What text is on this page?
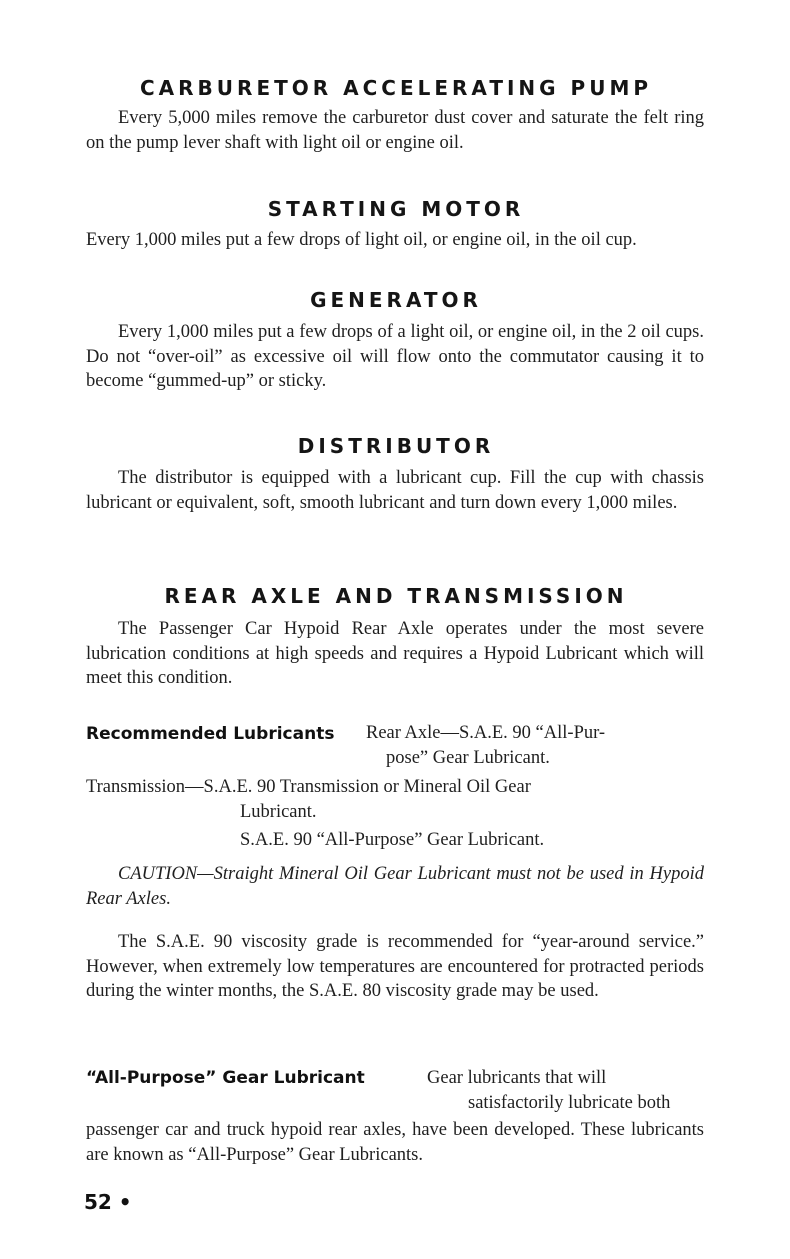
CARBURETOR ACCELERATING PUMP
Every 5,000 miles remove the carburetor dust cover and saturate the felt ring on the pump lever shaft with light oil or engine oil.
STARTING MOTOR
Every 1,000 miles put a few drops of light oil, or engine oil, in the oil cup.
GENERATOR
Every 1,000 miles put a few drops of a light oil, or engine oil, in the 2 oil cups. Do not “over-oil” as excessive oil will flow onto the commutator causing it to become “gummed-up” or sticky.
DISTRIBUTOR
The distributor is equipped with a lubricant cup. Fill the cup with chassis lubricant or equivalent, soft, smooth lubricant and turn down every 1,000 miles.
REAR AXLE AND TRANSMISSION
The Passenger Car Hypoid Rear Axle operates under the most severe lubrication conditions at high speeds and requires a Hypoid Lubricant which will meet this condition.
Recommended Lubricants Rear Axle—S.A.E. 90 “All-Pur-
pose” Gear Lubricant.
Transmission—S.A.E. 90 Transmission or Mineral Oil Gear
Lubricant.
S.A.E. 90 “All-Purpose” Gear Lubricant.
CAUTION—Straight Mineral Oil Gear Lubricant must not be used in Hypoid Rear Axles.
The S.A.E. 90 viscosity grade is recommended for “year-around service.” However, when extremely low temperatures are encountered for protracted periods during the winter months, the S.A.E. 80 viscosity grade may be used.
“All-Purpose” Gear Lubricant	Gear lubricants that will
satisfactorily lubricate both
passenger car and truck hypoid rear axles, have been developed. These lubricants are known as “All-Purpose” Gear Lubricants.
52 •
